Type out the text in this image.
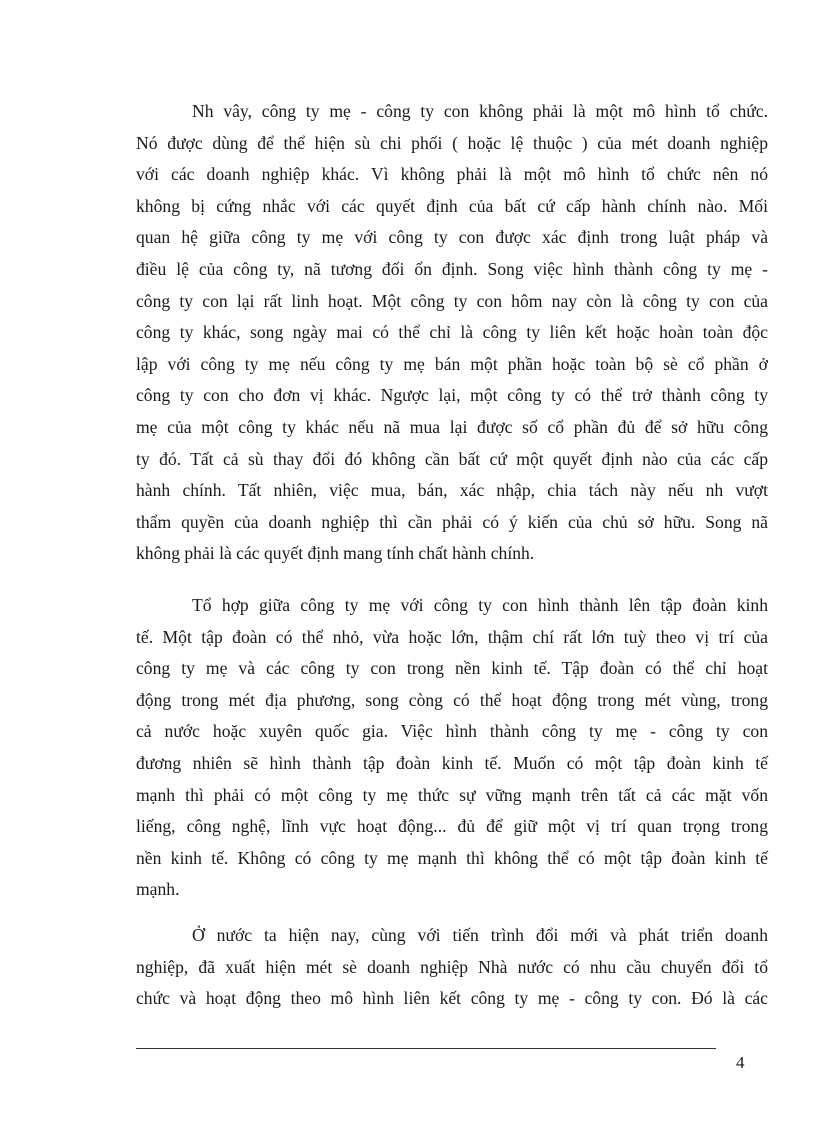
Nh vây, công ty mẹ - công ty con không phải là một mô hình tổ chức.
Nó được dùng để thể hiện sù chi phối ( hoặc lệ thuộc ) của mét doanh nghiệp
với các doanh nghiệp khác. Vì không phải là một mô hình tổ chức nên nó
không bị cứng nhắc với các quyết định của bất cứ cấp hành chính nào. Mối
quan hệ giữa công ty mẹ với công ty con được xác định trong luật pháp và
điều lệ của công ty, nã tương đối ổn định. Song việc hình thành công ty mẹ -
công ty con lại rất linh hoạt. Một công ty con hôm nay còn là công ty con của
công ty khác, song ngày mai có thể chỉ là công ty liên kết hoặc hoàn toàn độc
lập với công ty mẹ nếu công ty mẹ bán một phần hoặc toàn bộ sè cổ phần ở
công ty con cho đơn vị khác. Ngược lại, một công ty có thể trở thành công ty
mẹ của một công ty khác nếu nã mua lại được số cổ phần đủ để sở hữu công
ty đó. Tất cả sù thay đổi đó không cần bất cứ một quyết định nào của các cấp
hành chính. Tất nhiên, việc mua, bán, xác nhập, chia tách này nếu nh vượt
thẩm quyền của doanh nghiệp thì cần phải có ý kiến của chủ sở hữu. Song nã
không phải là các quyết định mang tính chất hành chính.
Tổ hợp giữa công ty mẹ với công ty con hình thành lên tập đoàn kinh
tế. Một tập đoàn có thể nhỏ, vừa hoặc lớn, thậm chí rất lớn tuỳ theo vị trí của
công ty mẹ và các công ty con trong nền kinh tế. Tập đoàn có thể chỉ hoạt
động trong mét địa phương, song còng có thể hoạt động trong mét vùng, trong
cả nước hoặc xuyên quốc gia. Việc hình thành công ty mẹ - công ty con
đương nhiên sẽ hình thành tập đoàn kinh tế. Muốn có một tập đoàn kinh tế
mạnh thì phải có một công ty mẹ thức sự vững mạnh trên tất cả các mặt vốn
liếng, công nghệ, lĩnh vực hoạt động... đủ để giữ một vị trí quan trọng trong
nền kinh tế. Không có công ty mẹ mạnh thì không thể có một tập đoàn kinh tế
mạnh.
Ở nước ta hiện nay, cùng với tiến trình đổi mới và phát triển doanh
nghiệp, đã xuất hiện mét sè doanh nghiệp Nhà nước có nhu cầu chuyển đổi tổ
chức và hoạt động theo mô hình liên kết công ty mẹ - công ty con. Đó là các
4
